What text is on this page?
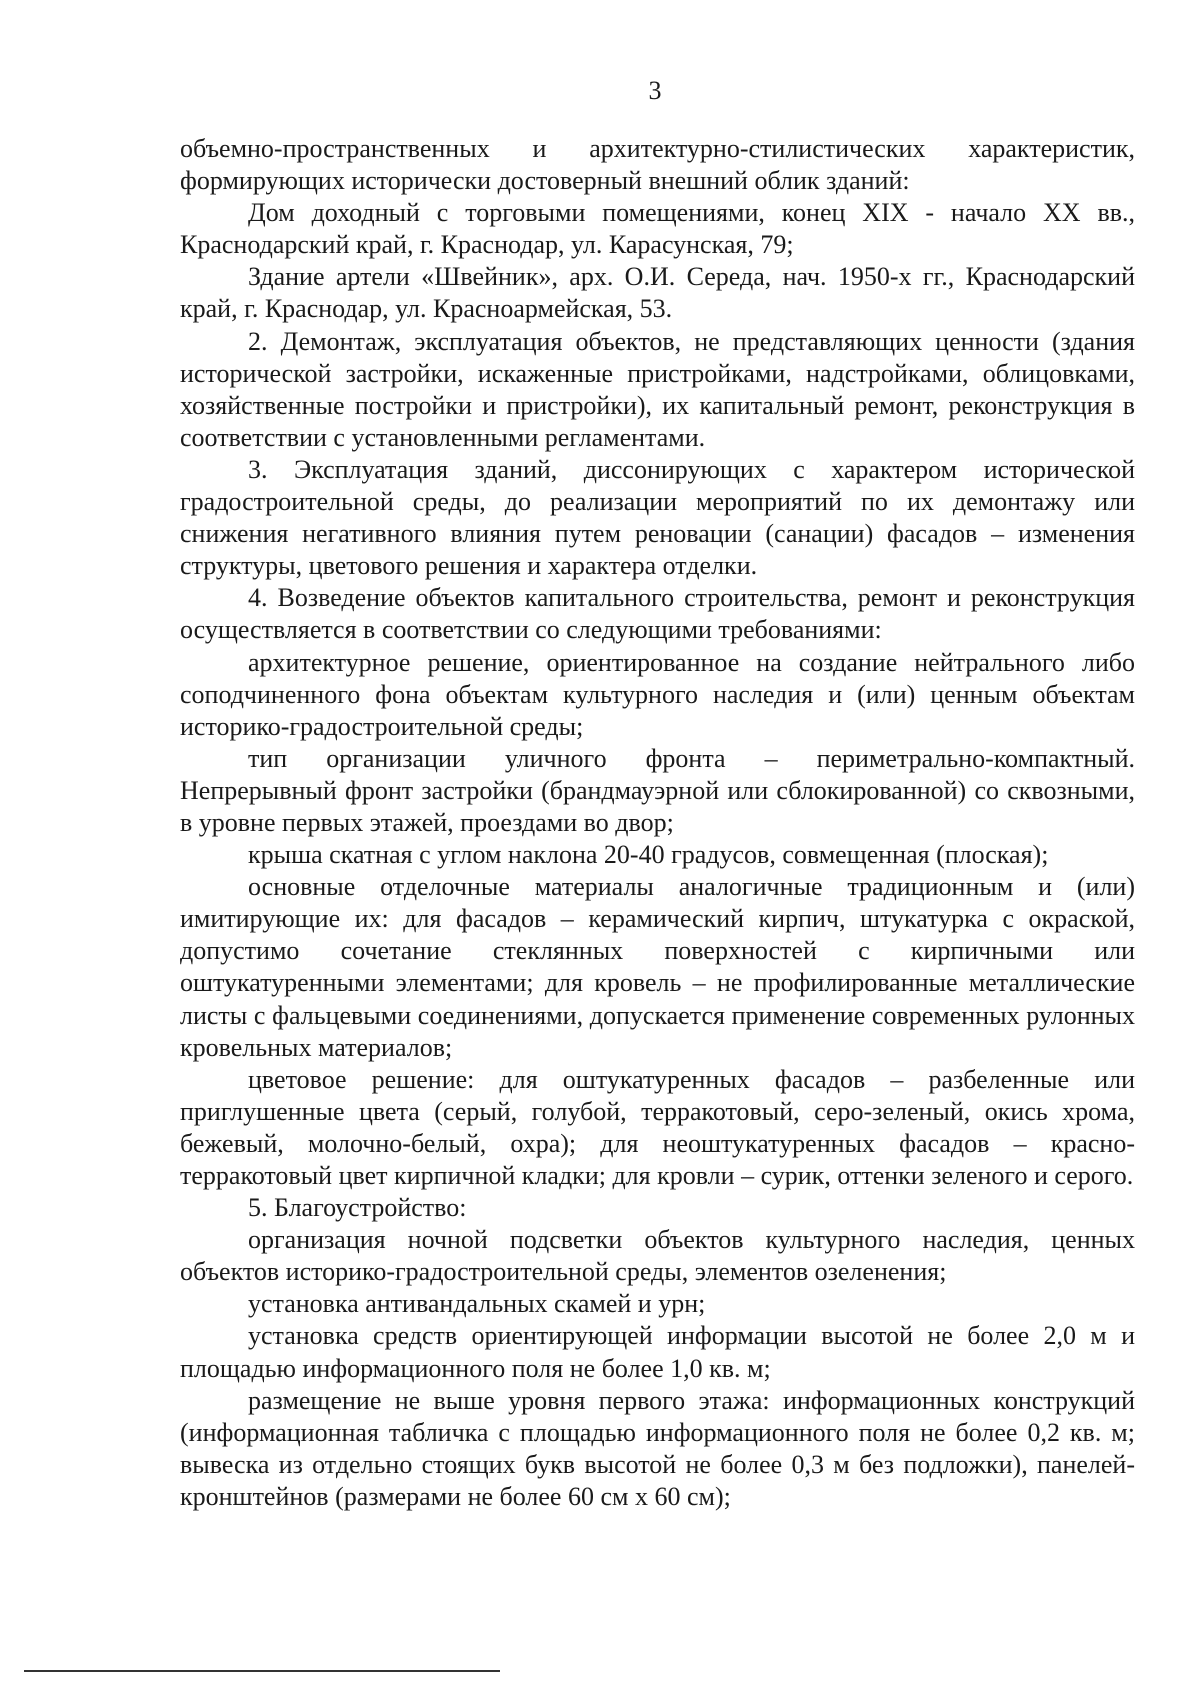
3

объемно-пространственных и архитектурно-стилистических характеристик, формирующих исторически достоверный внешний облик зданий:

Дом доходный с торговыми помещениями, конец XIX - начало XX вв., Краснодарский край, г. Краснодар, ул. Карасунская, 79;

Здание артели «Швейник», арх. О.И. Середа, нач. 1950-х гг., Краснодарский край, г. Краснодар, ул. Красноармейская, 53.

2. Демонтаж, эксплуатация объектов, не представляющих ценности (здания исторической застройки, искаженные пристройками, надстройками, облицовками, хозяйственные постройки и пристройки), их капитальный ремонт, реконструкция в соответствии с установленными регламентами.

3. Эксплуатация зданий, диссонирующих с характером исторической градостроительной среды, до реализации мероприятий по их демонтажу или снижения негативного влияния путем реновации (санации) фасадов – изменения структуры, цветового решения и характера отделки.

4. Возведение объектов капитального строительства, ремонт и реконструкция осуществляется в соответствии со следующими требованиями:

архитектурное решение, ориентированное на создание нейтрального либо соподчиненного фона объектам культурного наследия и (или) ценным объектам историко-градостроительной среды;

тип организации уличного фронта – периметрально-компактный. Непрерывный фронт застройки (брандмауэрной или сблокированной) со сквозными, в уровне первых этажей, проездами во двор;

крыша скатная с углом наклона 20-40 градусов, совмещенная (плоская);

основные отделочные материалы аналогичные традиционным и (или) имитирующие их: для фасадов – керамический кирпич, штукатурка с окраской, допустимо сочетание стеклянных поверхностей с кирпичными или оштукатуренными элементами; для кровель – не профилированные металлические листы с фальцевыми соединениями, допускается применение современных рулонных кровельных материалов;

цветовое решение: для оштукатуренных фасадов – разбеленные или приглушенные цвета (серый, голубой, терракотовый, серо-зеленый, окись хрома, бежевый, молочно-белый, охра); для неоштукатуренных фасадов – красно-терракотовый цвет кирпичной кладки; для кровли – сурик, оттенки зеленого и серого.

5. Благоустройство:

организация ночной подсветки объектов культурного наследия, ценных объектов историко-градостроительной среды, элементов озеленения;

установка антивандальных скамей и урн;

установка средств ориентирующей информации высотой не более 2,0 м и площадью информационного поля не более 1,0 кв. м;

размещение не выше уровня первого этажа: информационных конструкций (информационная табличка с площадью информационного поля не более 0,2 кв. м; вывеска из отдельно стоящих букв высотой не более 0,3 м без подложки), панелей-кронштейнов (размерами не более 60 см х 60 см);
